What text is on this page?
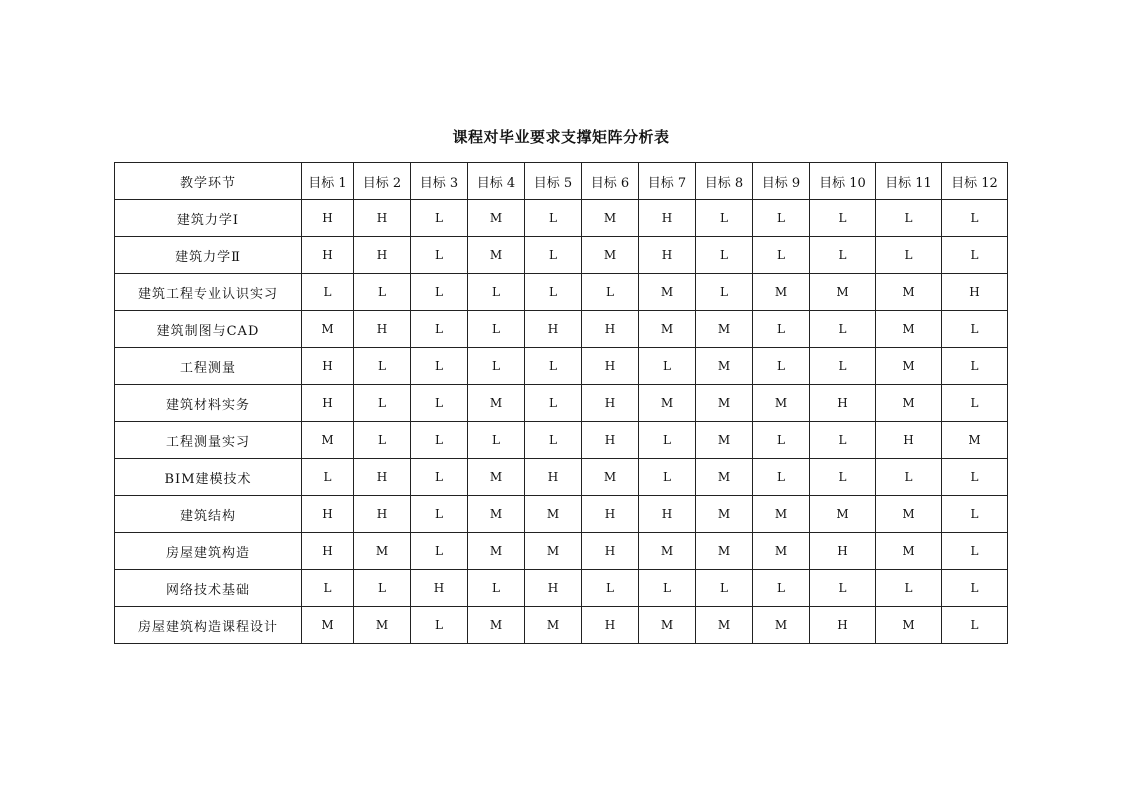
课程对毕业要求支撑矩阵分析表
教学环节	目标 1	目标 2	目标 3	目标 4	目标 5	目标 6	目标 7	目标 8	目标 9	目标 10	目标 11	目标 12
建筑力学Ⅰ	H	H	L	M	L	M	H	L	L	L	L	L
建筑力学Ⅱ	H	H	L	M	L	M	H	L	L	L	L	L
建筑工程专业认识实习	L	L	L	L	L	L	M	L	M	M	M	H
建筑制图与CAD	M	H	L	L	H	H	M	M	L	L	M	L
工程测量	H	L	L	L	L	H	L	M	L	L	M	L
建筑材料实务	H	L	L	M	L	H	M	M	M	H	M	L
工程测量实习	M	L	L	L	L	H	L	M	L	L	H	M
BIM建模技术	L	H	L	M	H	M	L	M	L	L	L	L
建筑结构	H	H	L	M	M	H	H	M	M	M	M	L
房屋建筑构造	H	M	L	M	M	H	M	M	M	H	M	L
网络技术基础	L	L	H	L	H	L	L	L	L	L	L	L
房屋建筑构造课程设计	M	M	L	M	M	H	M	M	M	H	M	L
